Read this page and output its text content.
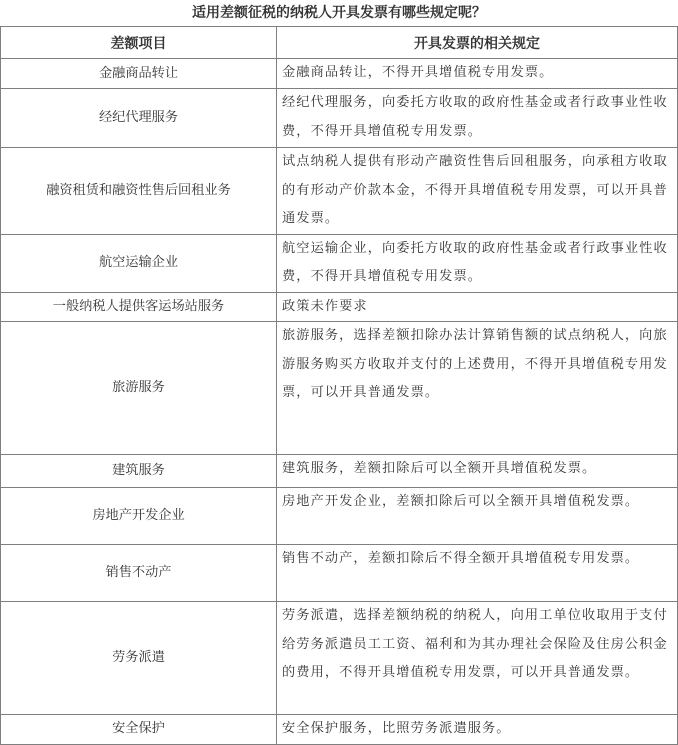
适用差额征税的纳税人开具发票有哪些规定呢？
差额项目	开具发票的相关规定
金融商品转让	金融商品转让，不得开具增值税专用发票。
经纪代理服务	经纪代理服务，向委托方收取的政府性基金或者行政事业性收费，不得开具增值税专用发票。
融资租赁和融资性售后回租业务	试点纳税人提供有形动产融资性售后回租服务，向承租方收取的有形动产价款本金，不得开具增值税专用发票，可以开具普通发票。
航空运输企业	航空运输企业，向委托方收取的政府性基金或者行政事业性收费，不得开具增值税专用发票。
一般纳税人提供客运场站服务	政策未作要求
旅游服务	旅游服务，选择差额扣除办法计算销售额的试点纳税人，向旅游服务购买方收取并支付的上述费用，不得开具增值税专用发票，可以开具普通发票。
建筑服务	建筑服务，差额扣除后可以全额开具增值税发票。
房地产开发企业	房地产开发企业，差额扣除后可以全额开具增值税发票。
销售不动产	销售不动产，差额扣除后不得全额开具增值税专用发票。
劳务派遣	劳务派遣，选择差额纳税的纳税人，向用工单位收取用于支付给劳务派遣员工工资、福利和为其办理社会保险及住房公积金的费用，不得开具增值税专用发票，可以开具普通发票。
安全保护	安全保护服务，比照劳务派遣服务。
